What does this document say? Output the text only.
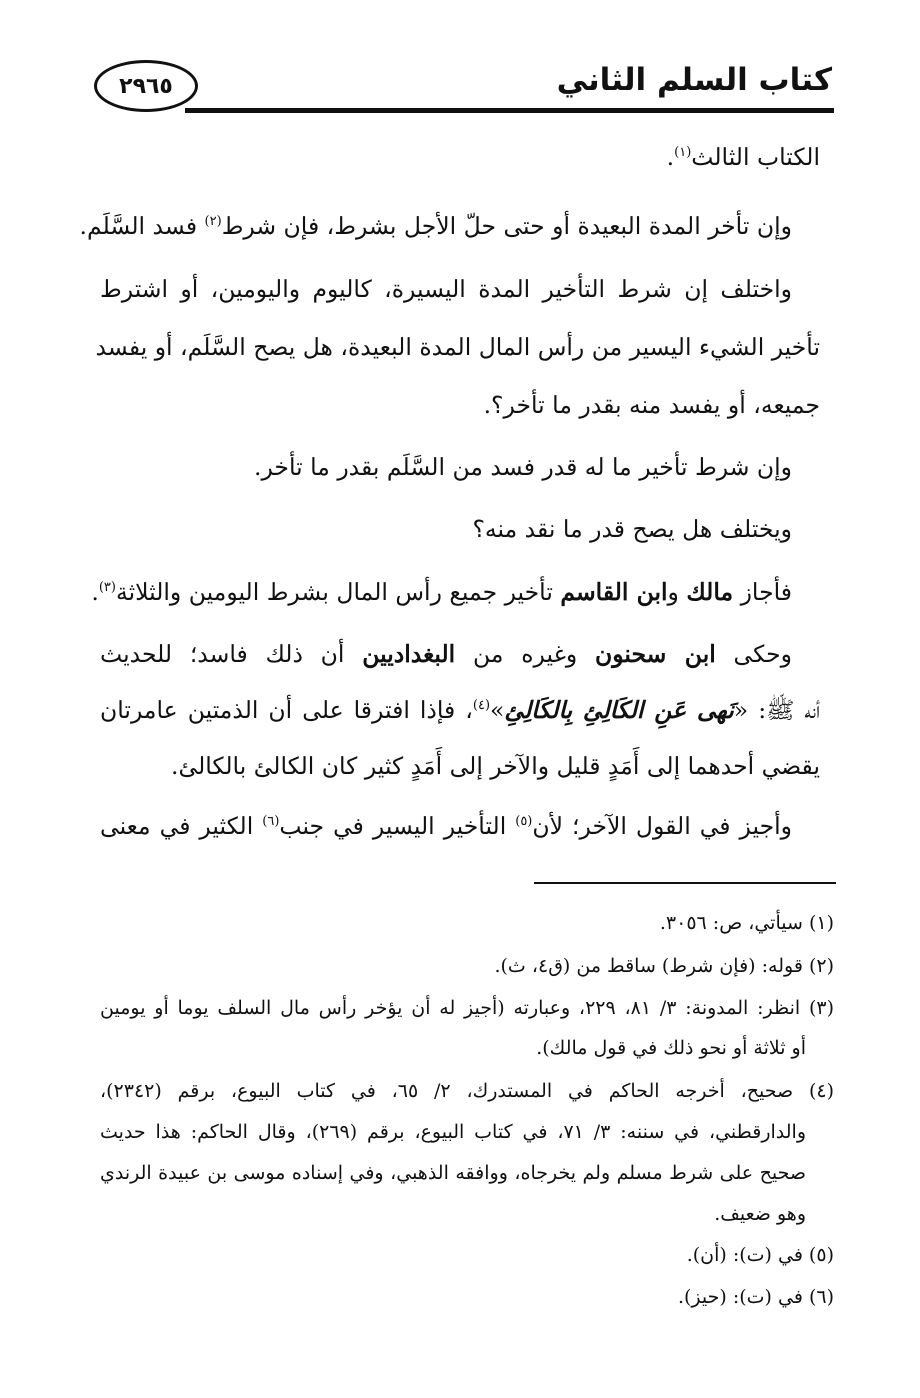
كتاب السلم الثاني
٢٩٦٥
الكتاب الثالث$^{(١)}$.
وإن تأخر المدة البعيدة أو حتى حلّ الأجل بشرط، فإن شرط$^{(٢)}$ فسد السَّلَم.
واختلف إن شرط التأخير المدة اليسيرة، كاليوم واليومين، أو اشترط
تأخير الشيء اليسير من رأس المال المدة البعيدة، هل يصح السَّلَم، أو يفسد
جميعه، أو يفسد منه بقدر ما تأخر؟.
وإن شرط تأخير ما له قدر فسد من السَّلَم بقدر ما تأخر.
ويختلف هل يصح قدر ما نقد منه؟
فأجاز مالك وابن القاسم تأخير جميع رأس المال بشرط اليومين والثلاثة$^{(٣)}$.
وحكى ابن سحنون وغيره من البغداديين أن ذلك فاسد؛ للحديث
أنه ﷺ: «نَهى عَنِ الكَالِئِ بِالكَالِئِ»$^{(٤)}$، فإذا افترقا على أن الذمتين عامرتان
يقضي أحدهما إلى أَمَدٍ قليل والآخر إلى أَمَدٍ كثير كان الكالئ بالكالئ.
وأجيز في القول الآخر؛ لأن$^{(٥)}$ التأخير اليسير في جنب$^{(٦)}$ الكثير في معنى
(١) سيأتي، ص: ٣٠٥٦.
(٢) قوله: (فإن شرط) ساقط من (ق٤، ث).
(٣) انظر: المدونة: ٣/ ٨١، ٢٢٩، وعبارته (أجيز له أن يؤخر رأس مال السلف يوما أو يومين
أو ثلاثة أو نحو ذلك في قول مالك).
(٤) صحيح، أخرجه الحاكم في المستدرك، ٢/ ٦٥، في كتاب البيوع، برقم (٢٣٤٢)،
والدارقطني، في سننه: ٣/ ٧١، في كتاب البيوع، برقم (٢٦٩)، وقال الحاكم: هذا حديث
صحيح على شرط مسلم ولم يخرجاه، ووافقه الذهبي، وفي إسناده موسى بن عبيدة الرندي
وهو ضعيف.
(٥) في (ت): (أن).
(٦) في (ت): (حيز).
